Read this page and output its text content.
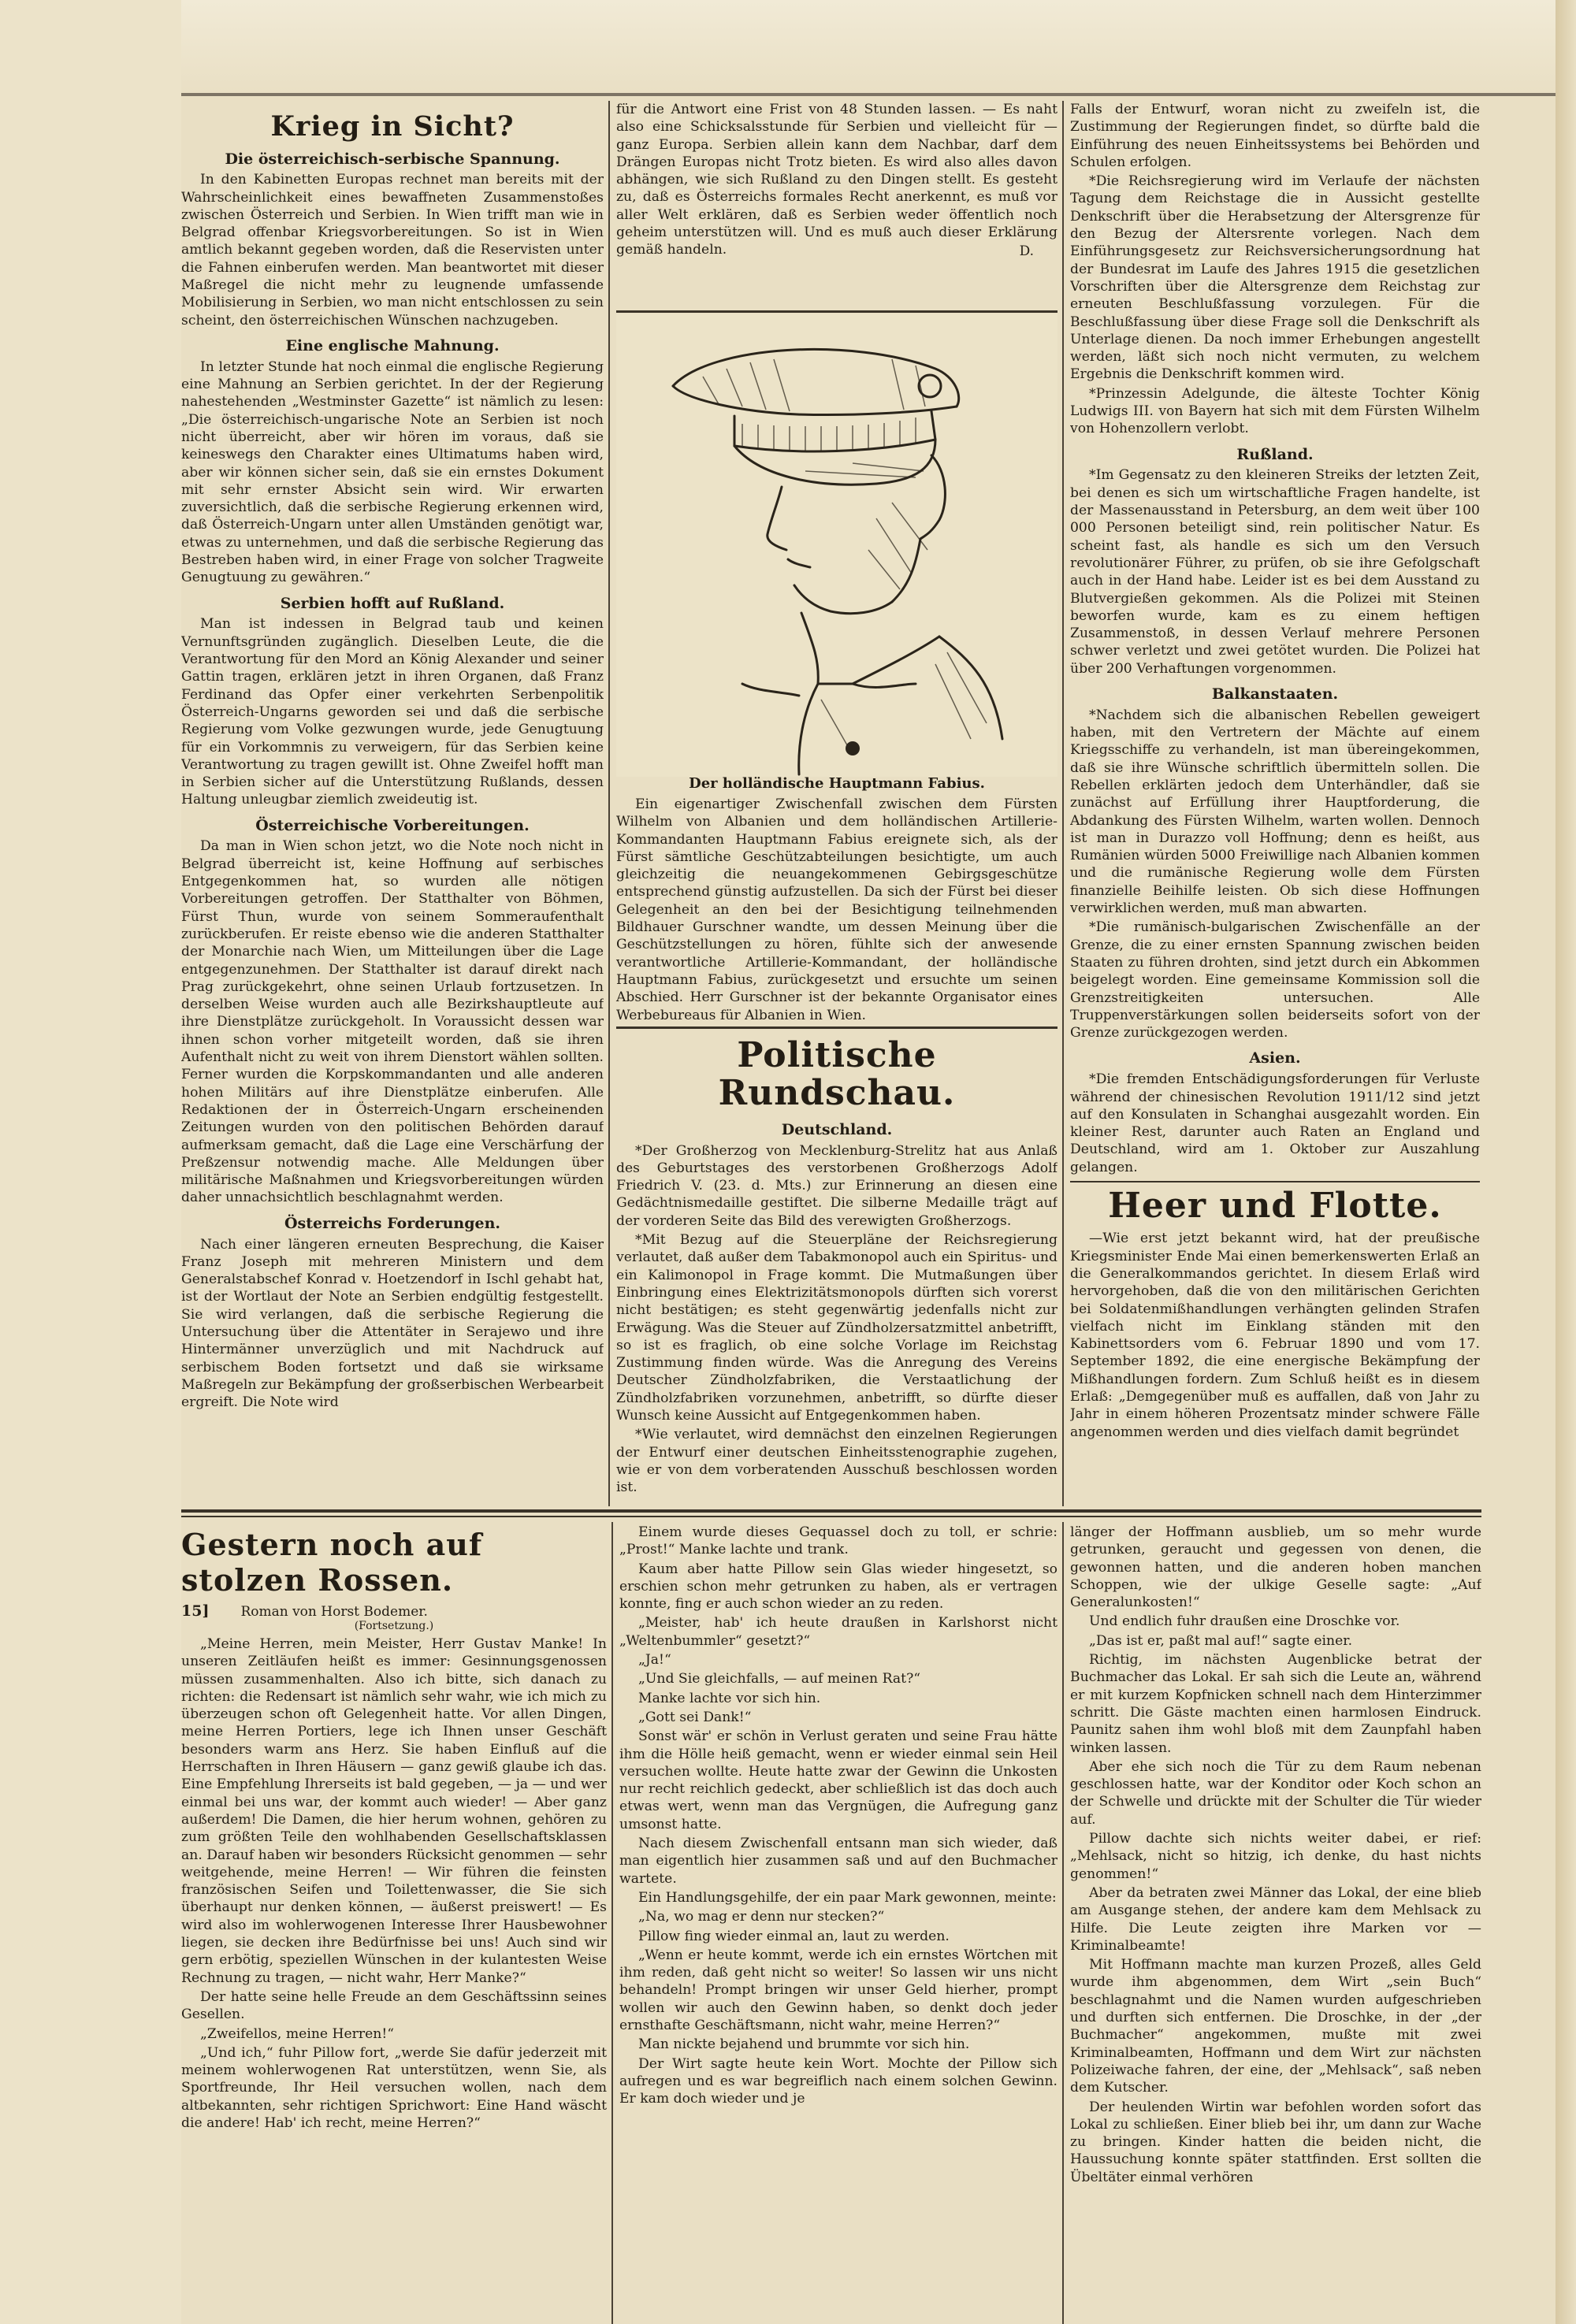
Krieg in Sicht?
Die österreichisch-serbische Spannung.

In den Kabinetten Europas rechnet man bereits mit der Wahrscheinlichkeit eines bewaffneten Zusammenstoßes zwischen Österreich und Serbien. In Wien trifft man wie in Belgrad offenbar Kriegsvorbereitungen. So ist in Wien amtlich bekannt gegeben worden, daß die Reservisten unter die Fahnen einberufen werden. Man beantwortet mit dieser Maßregel die nicht mehr zu leugnende umfassende Mobilisierung in Serbien, wo man nicht entschlossen zu sein scheint, den österreichischen Wünschen nachzugeben.

Eine englische Mahnung.

In letzter Stunde hat noch einmal die englische Regierung eine Mahnung an Serbien gerichtet. In der der Regierung nahestehenden „Westminster Gazette“ ist nämlich zu lesen: „Die österreichisch-ungarische Note an Serbien ist noch nicht überreicht, aber wir hören im voraus, daß sie keineswegs den Charakter eines Ultimatums haben wird, aber wir können sicher sein, daß sie ein ernstes Dokument mit sehr ernster Absicht sein wird. Wir erwarten zuversichtlich, daß die serbische Regierung erkennen wird, daß Österreich-Ungarn unter allen Umständen genötigt war, etwas zu unternehmen, und daß die serbische Regierung das Bestreben haben wird, in einer Frage von solcher Tragweite Genugtuung zu gewähren.“

Serbien hofft auf Rußland.

Man ist indessen in Belgrad taub und keinen Vernunftsgründen zugänglich. Dieselben Leute, die die Verantwortung für den Mord an König Alexander und seiner Gattin tragen, erklären jetzt in ihren Organen, daß Franz Ferdinand das Opfer einer verkehrten Serbenpolitik Österreich-Ungarns geworden sei und daß die serbische Regierung vom Volke gezwungen wurde, jede Genugtuung für ein Vorkommnis zu verweigern, für das Serbien keine Verantwortung zu tragen gewillt ist. Ohne Zweifel hofft man in Serbien sicher auf die Unterstützung Rußlands, dessen Haltung unleugbar ziemlich zweideutig ist.

Österreichische Vorbereitungen.

Da man in Wien schon jetzt, wo die Note noch nicht in Belgrad überreicht ist, keine Hoffnung auf serbisches Entgegenkommen hat, so wurden alle nötigen Vorbereitungen getroffen. Der Statthalter von Böhmen, Fürst Thun, wurde von seinem Sommeraufenthalt zurückberufen. Er reiste ebenso wie die anderen Statthalter der Monarchie nach Wien, um Mitteilungen über die Lage entgegenzunehmen. Der Statthalter ist darauf direkt nach Prag zurückgekehrt, ohne seinen Urlaub fortzusetzen. In derselben Weise wurden auch alle Bezirkshauptleute auf ihre Dienstplätze zurückgeholt. In Voraussicht dessen war ihnen schon vorher mitgeteilt worden, daß sie ihren Aufenthalt nicht zu weit von ihrem Dienstort wählen sollten. Ferner wurden die Korpskommandanten und alle anderen hohen Militärs auf ihre Dienstplätze einberufen. Alle Redaktionen der in Österreich-Ungarn erscheinenden Zeitungen wurden von den politischen Behörden darauf aufmerksam gemacht, daß die Lage eine Verschärfung der Preßzensur notwendig mache. Alle Meldungen über militärische Maßnahmen und Kriegsvorbereitungen würden daher unnachsichtlich beschlagnahmt werden.

Österreichs Forderungen.

Nach einer längeren erneuten Besprechung, die Kaiser Franz Joseph mit mehreren Ministern und dem Generalstabschef Konrad v. Hoetzendorf in Ischl gehabt hat, ist der Wortlaut der Note an Serbien endgültig festgestellt. Sie wird verlangen, daß die serbische Regierung die Untersuchung über die Attentäter in Serajewo und ihre Hintermänner unverzüglich und mit Nachdruck auf serbischem Boden fortsetzt und daß sie wirksame Maßregeln zur Bekämpfung der großserbischen Werbearbeit ergreift. Die Note wird

für die Antwort eine Frist von 48 Stunden lassen. — Es naht also eine Schicksalsstunde für Serbien und vielleicht für — ganz Europa. Serbien allein kann dem Nachbar, darf dem Drängen Europas nicht Trotz bieten. Es wird also alles davon abhängen, wie sich Rußland zu den Dingen stellt. Es gesteht zu, daß es Österreichs formales Recht anerkennt, es muß vor aller Welt erklären, daß es Serbien weder öffentlich noch geheim unterstützen will. Und es muß auch dieser Erklärung gemäß handeln.	D.
Der holländische Hauptmann Fabius.

Ein eigenartiger Zwischenfall zwischen dem Fürsten Wilhelm von Albanien und dem holländischen Artillerie-Kommandanten Hauptmann Fabius ereignete sich, als der Fürst sämtliche Geschützabteilungen besichtigte, um auch gleichzeitig die neuangekommenen Gebirgsgeschütze entsprechend günstig aufzustellen. Da sich der Fürst bei dieser Gelegenheit an den bei der Besichtigung teilnehmenden Bildhauer Gurschner wandte, um dessen Meinung über die Geschützstellungen zu hören, fühlte sich der anwesende verantwortliche Artillerie-Kommandant, der holländische Hauptmann Fabius, zurückgesetzt und ersuchte um seinen Abschied. Herr Gurschner ist der bekannte Organisator eines Werbebureaus für Albanien in Wien.

Politische Rundschau.
Deutschland.

*Der Großherzog von Mecklenburg-Strelitz hat aus Anlaß des Geburtstages des verstorbenen Großherzogs Adolf Friedrich V. (23. d. Mts.) zur Erinnerung an diesen eine Gedächtnismedaille gestiftet. Die silberne Medaille trägt auf der vorderen Seite das Bild des verewigten Großherzogs.

*Mit Bezug auf die Steuerpläne der Reichsregierung verlautet, daß außer dem Tabakmonopol auch ein Spiritus- und ein Kalimonopol in Frage kommt. Die Mutmaßungen über Einbringung eines Elektrizitätsmonopols dürften sich vorerst nicht bestätigen; es steht gegenwärtig jedenfalls nicht zur Erwägung. Was die Steuer auf Zündholzersatzmittel anbetrifft, so ist es fraglich, ob eine solche Vorlage im Reichstag Zustimmung finden würde. Was die Anregung des Vereins Deutscher Zündholzfabriken, die Verstaatlichung der Zündholzfabriken vorzunehmen, anbetrifft, so dürfte dieser Wunsch keine Aussicht auf Entgegenkommen haben.

*Wie verlautet, wird demnächst den einzelnen Regierungen der Entwurf einer deutschen Einheitsstenographie zugehen, wie er von dem vorberatenden Ausschuß beschlossen worden ist.

Falls der Entwurf, woran nicht zu zweifeln ist, die Zustimmung der Regierungen findet, so dürfte bald die Einführung des neuen Einheitssystems bei Behörden und Schulen erfolgen.

*Die Reichsregierung wird im Verlaufe der nächsten Tagung dem Reichstage die in Aussicht gestellte Denkschrift über die Herabsetzung der Altersgrenze für den Bezug der Altersrente vorlegen. Nach dem Einführungsgesetz zur Reichsversicherungsordnung hat der Bundesrat im Laufe des Jahres 1915 die gesetzlichen Vorschriften über die Altersgrenze dem Reichstag zur erneuten Beschlußfassung vorzulegen. Für die Beschlußfassung über diese Frage soll die Denkschrift als Unterlage dienen. Da noch immer Erhebungen angestellt werden, läßt sich noch nicht vermuten, zu welchem Ergebnis die Denkschrift kommen wird.

*Prinzessin Adelgunde, die älteste Tochter König Ludwigs III. von Bayern hat sich mit dem Fürsten Wilhelm von Hohenzollern verlobt.

Rußland.

*Im Gegensatz zu den kleineren Streiks der letzten Zeit, bei denen es sich um wirtschaftliche Fragen handelte, ist der Massenausstand in Petersburg, an dem weit über 100 000 Personen beteiligt sind, rein politischer Natur. Es scheint fast, als handle es sich um den Versuch revolutionärer Führer, zu prüfen, ob sie ihre Gefolgschaft auch in der Hand habe. Leider ist es bei dem Ausstand zu Blutvergießen gekommen. Als die Polizei mit Steinen beworfen wurde, kam es zu einem heftigen Zusammenstoß, in dessen Verlauf mehrere Personen schwer verletzt und zwei getötet wurden. Die Polizei hat über 200 Verhaftungen vorgenommen.

Balkanstaaten.

*Nachdem sich die albanischen Rebellen geweigert haben, mit den Vertretern der Mächte auf einem Kriegsschiffe zu verhandeln, ist man übereingekommen, daß sie ihre Wünsche schriftlich übermitteln sollen. Die Rebellen erklärten jedoch dem Unterhändler, daß sie zunächst auf Erfüllung ihrer Hauptforderung, die Abdankung des Fürsten Wilhelm, warten wollen. Dennoch ist man in Durazzo voll Hoffnung; denn es heißt, aus Rumänien würden 5000 Freiwillige nach Albanien kommen und die rumänische Regierung wolle dem Fürsten finanzielle Beihilfe leisten. Ob sich diese Hoffnungen verwirklichen werden, muß man abwarten.

*Die rumänisch-bulgarischen Zwischenfälle an der Grenze, die zu einer ernsten Spannung zwischen beiden Staaten zu führen drohten, sind jetzt durch ein Abkommen beigelegt worden. Eine gemeinsame Kommission soll die Grenzstreitigkeiten untersuchen. Alle Truppenverstärkungen sollen beiderseits sofort von der Grenze zurückgezogen werden.

Asien.

*Die fremden Entschädigungsforderungen für Verluste während der chinesischen Revolution 1911/12 sind jetzt auf den Konsulaten in Schanghai ausgezahlt worden. Ein kleiner Rest, darunter auch Raten an England und Deutschland, wird am 1. Oktober zur Auszahlung gelangen.

Heer und Flotte.

—Wie erst jetzt bekannt wird, hat der preußische Kriegsminister Ende Mai einen bemerkenswerten Erlaß an die Generalkommandos gerichtet. In diesem Erlaß wird hervorgehoben, daß die von den militärischen Gerichten bei Soldatenmißhandlungen verhängten gelinden Strafen vielfach nicht im Einklang ständen mit den Kabinettsorders vom 6. Februar 1890 und vom 17. September 1892, die eine energische Bekämpfung der Mißhandlungen fordern. Zum Schluß heißt es in diesem Erlaß: „Demgegenüber muß es auffallen, daß von Jahr zu Jahr in einem höheren Prozentsatz minder schwere Fälle angenommen werden und dies vielfach damit begründet

Gestern noch auf stolzen Rossen.
15] Roman von Horst Bodemer.
(Fortsetzung.)

„Meine Herren, mein Meister, Herr Gustav Manke! In unseren Zeitläufen heißt es immer: Gesinnungsgenossen müssen zusammenhalten. Also ich bitte, sich danach zu richten: die Redensart ist nämlich sehr wahr, wie ich mich zu überzeugen schon oft Gelegenheit hatte. Vor allen Dingen, meine Herren Portiers, lege ich Ihnen unser Geschäft besonders warm ans Herz. Sie haben Einfluß auf die Herrschaften in Ihren Häusern — ganz gewiß glaube ich das. Eine Empfehlung Ihrerseits ist bald gegeben, — ja — und wer einmal bei uns war, der kommt auch wieder! — Aber ganz außerdem! Die Damen, die hier herum wohnen, gehören zu zum größten Teile den wohlhabenden Gesellschaftsklassen an. Darauf haben wir besonders Rücksicht genommen — sehr weitgehende, meine Herren! — Wir führen die feinsten französischen Seifen und Toilettenwasser, die Sie sich überhaupt nur denken können, — äußerst preiswert! — Es wird also im wohlerwogenen Interesse Ihrer Hausbewohner liegen, sie decken ihre Bedürfnisse bei uns! Auch sind wir gern erbötig, speziellen Wünschen in der kulantesten Weise Rechnung zu tragen, — nicht wahr, Herr Manke?“

Der hatte seine helle Freude an dem Geschäftssinn seines Gesellen.

„Zweifellos, meine Herren!“

„Und ich,“ fuhr Pillow fort, „werde Sie dafür jederzeit mit meinem wohlerwogenen Rat unterstützen, wenn Sie, als Sportfreunde, Ihr Heil versuchen wollen, nach dem altbekannten, sehr richtigen Sprichwort: Eine Hand wäscht die andere! Hab' ich recht, meine Herren?“

Einem wurde dieses Gequassel doch zu toll, er schrie: „Prost!“ Manke lachte und trank.

Kaum aber hatte Pillow sein Glas wieder hingesetzt, so erschien schon mehr getrunken zu haben, als er vertragen konnte, fing er auch schon wieder an zu reden.

„Meister, hab' ich heute draußen in Karlshorst nicht „Weltenbummler“ gesetzt?“

„Ja!“

„Und Sie gleichfalls, — auf meinen Rat?“

Manke lachte vor sich hin.

„Gott sei Dank!“

Sonst wär' er schön in Verlust geraten und seine Frau hätte ihm die Hölle heiß gemacht, wenn er wieder einmal sein Heil versuchen wollte. Heute hatte zwar der Gewinn die Unkosten nur recht reichlich gedeckt, aber schließlich ist das doch auch etwas wert, wenn man das Vergnügen, die Aufregung ganz umsonst hatte.

Nach diesem Zwischenfall entsann man sich wieder, daß man eigentlich hier zusammen saß und auf den Buchmacher wartete.

Ein Handlungsgehilfe, der ein paar Mark gewonnen, meinte:

„Na, wo mag er denn nur stecken?“

Pillow fing wieder einmal an, laut zu werden.

„Wenn er heute kommt, werde ich ein ernstes Wörtchen mit ihm reden, daß geht nicht so weiter! So lassen wir uns nicht behandeln! Prompt bringen wir unser Geld hierher, prompt wollen wir auch den Gewinn haben, so denkt doch jeder ernsthafte Geschäftsmann, nicht wahr, meine Herren?“

Man nickte bejahend und brummte vor sich hin.

Der Wirt sagte heute kein Wort. Mochte der Pillow sich aufregen und es war begreiflich nach einem solchen Gewinn. Er kam doch wieder und je

länger der Hoffmann ausblieb, um so mehr wurde getrunken, geraucht und gegessen von denen, die gewonnen hatten, und die anderen hoben manchen Schoppen, wie der ulkige Geselle sagte: „Auf Generalunkosten!“

Und endlich fuhr draußen eine Droschke vor.

„Das ist er, paßt mal auf!“ sagte einer.

Richtig, im nächsten Augenblicke betrat der Buchmacher das Lokal. Er sah sich die Leute an, während er mit kurzem Kopfnicken schnell nach dem Hinterzimmer schritt. Die Gäste machten einen harmlosen Eindruck. Paunitz sahen ihm wohl bloß mit dem Zaunpfahl haben winken lassen.

Aber ehe sich noch die Tür zu dem Raum nebenan geschlossen hatte, war der Konditor oder Koch schon an der Schwelle und drückte mit der Schulter die Tür wieder auf.

Pillow dachte sich nichts weiter dabei, er rief: „Mehlsack, nicht so hitzig, ich denke, du hast nichts genommen!“

Aber da betraten zwei Männer das Lokal, der eine blieb am Ausgange stehen, der andere kam dem Mehlsack zu Hilfe. Die Leute zeigten ihre Marken vor — Kriminalbeamte!

Mit Hoffmann machte man kurzen Prozeß, alles Geld wurde ihm abgenommen, dem Wirt „sein Buch“ beschlagnahmt und die Namen wurden aufgeschrieben und durften sich entfernen. Die Droschke, in der „der Buchmacher“ angekommen, mußte mit zwei Kriminalbeamten, Hoffmann und dem Wirt zur nächsten Polizeiwache fahren, der eine, der „Mehlsack“, saß neben dem Kutscher.

Der heulenden Wirtin war befohlen worden sofort das Lokal zu schließen. Einer blieb bei ihr, um dann zur Wache zu bringen. Kinder hatten die beiden nicht, die Haussuchung konnte später stattfinden. Erst sollten die Übeltäter einmal verhören
